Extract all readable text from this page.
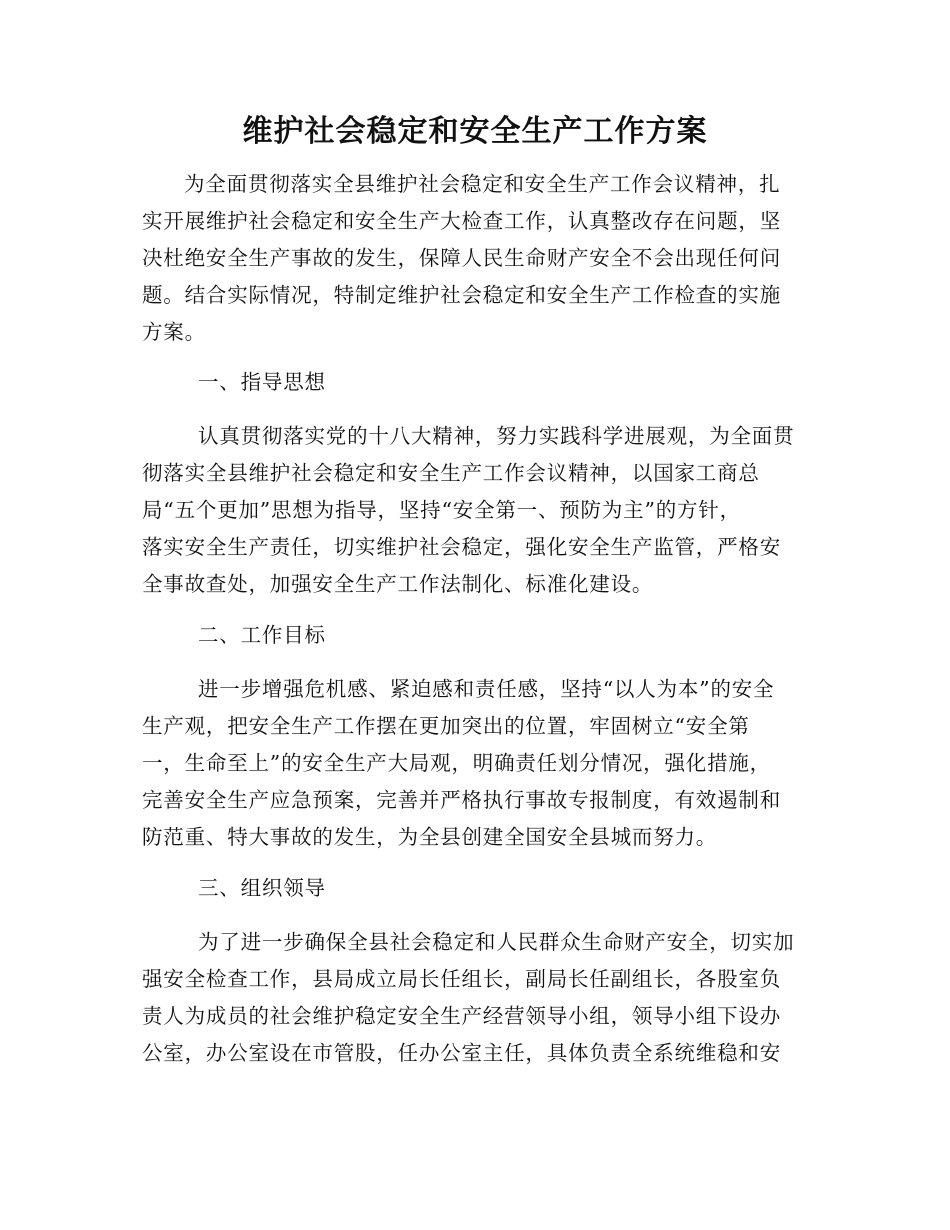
维护社会稳定和安全生产工作方案

为全面贯彻落实全县维护社会稳定和安全生产工作会议精神，扎
实开展维护社会稳定和安全生产大检查工作，认真整改存在问题，坚
决杜绝安全生产事故的发生，保障人民生命财产安全不会出现任何问
题。结合实际情况，特制定维护社会稳定和安全生产工作检查的实施
方案。

一、指导思想

认真贯彻落实党的十八大精神，努力实践科学进展观，为全面贯
彻落实全县维护社会稳定和安全生产工作会议精神，以国家工商总
局“五个更加”思想为指导，坚持“安全第一、预防为主”的方针，
落实安全生产责任，切实维护社会稳定，强化安全生产监管，严格安
全事故查处，加强安全生产工作法制化、标准化建设。

二、工作目标

进一步增强危机感、紧迫感和责任感，坚持“以人为本”的安全
生产观，把安全生产工作摆在更加突出的位置，牢固树立“安全第
一，生命至上”的安全生产大局观，明确责任划分情况，强化措施，
完善安全生产应急预案，完善并严格执行事故专报制度，有效遏制和
防范重、特大事故的发生，为全县创建全国安全县城而努力。

三、组织领导

为了进一步确保全县社会稳定和人民群众生命财产安全，切实加
强安全检查工作，县局成立局长任组长，副局长任副组长，各股室负
责人为成员的社会维护稳定安全生产经营领导小组，领导小组下设办
公室，办公室设在市管股，任办公室主任，具体负责全系统维稳和安
